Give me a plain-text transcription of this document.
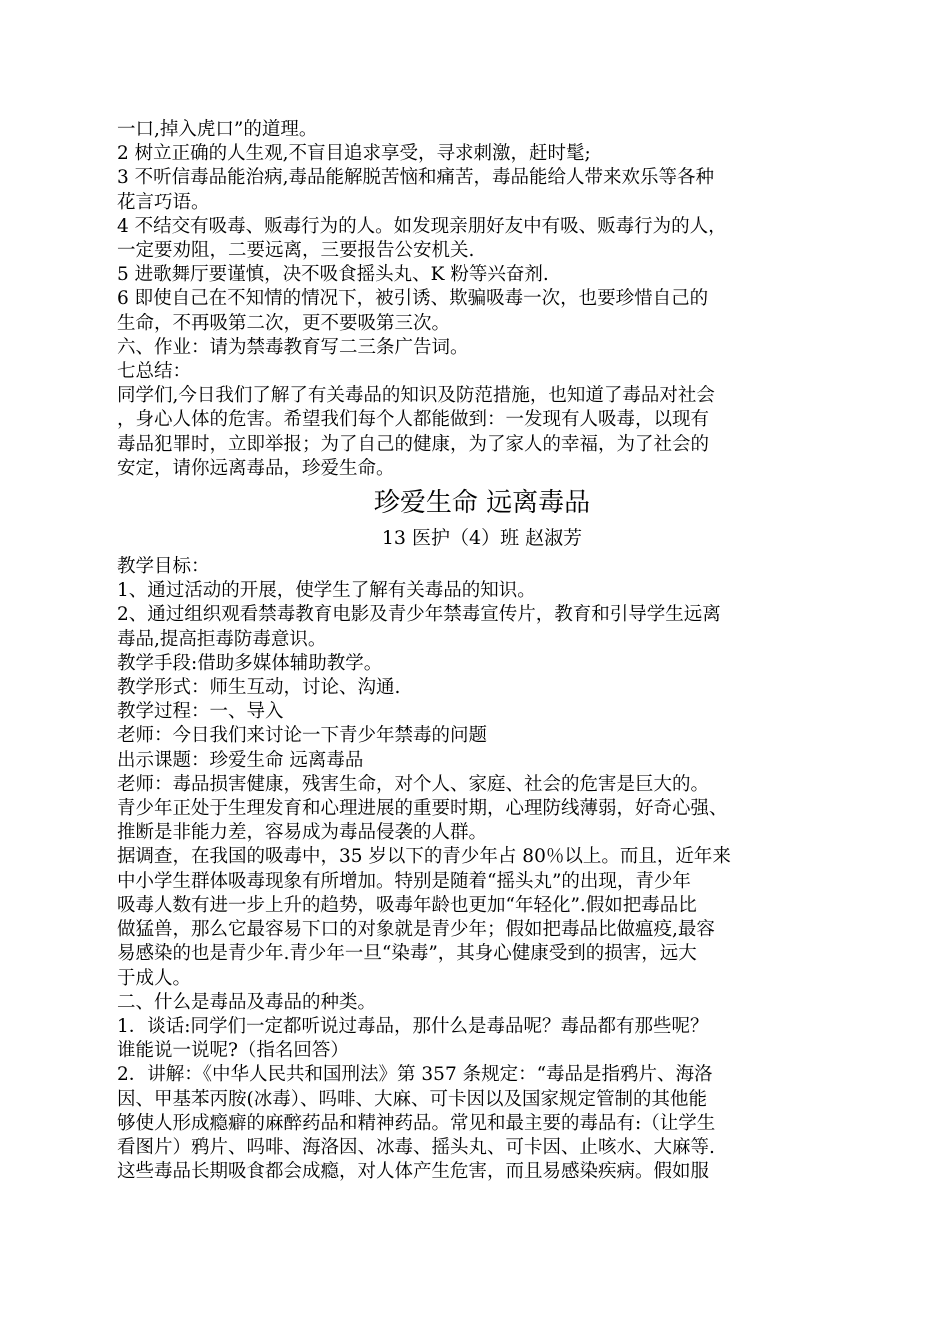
一口,掉入虎口”的道理。
2 树立正确的人生观,不盲目追求享受，寻求刺激，赶时髦;
3 不听信毒品能治病,毒品能解脱苦恼和痛苦，毒品能给人带来欢乐等各种
花言巧语。
4 不结交有吸毒、贩毒行为的人。如发现亲朋好友中有吸、贩毒行为的人，
一定要劝阻，二要远离，三要报告公安机关.
5 进歌舞厅要谨慎，决不吸食摇头丸、K 粉等兴奋剂.
6 即使自己在不知情的情况下，被引诱、欺骗吸毒一次，也要珍惜自己的
生命，不再吸第二次，更不要吸第三次。
六、作业：请为禁毒教育写二三条广告词。
七总结：
同学们,今日我们了解了有关毒品的知识及防范措施，也知道了毒品对社会
，身心人体的危害。希望我们每个人都能做到：一发现有人吸毒，以现有
毒品犯罪时，立即举报；为了自己的健康，为了家人的幸福，为了社会的
安定，请你远离毒品，珍爱生命。
珍爱生命 远离毒品
13 医护（4）班 赵淑芳
教学目标：
1、通过活动的开展，使学生了解有关毒品的知识。
2、通过组织观看禁毒教育电影及青少年禁毒宣传片，教育和引导学生远离
毒品,提高拒毒防毒意识。
教学手段:借助多媒体辅助教学。
教学形式：师生互动，讨论、沟通.
教学过程：一、导入
老师：今日我们来讨论一下青少年禁毒的问题
出示课题：珍爱生命 远离毒品
老师：毒品损害健康，残害生命，对个人、家庭、社会的危害是巨大的。
青少年正处于生理发育和心理进展的重要时期，心理防线薄弱，好奇心强、
推断是非能力差，容易成为毒品侵袭的人群。
据调查，在我国的吸毒中，35 岁以下的青少年占 80％以上。而且，近年来
中小学生群体吸毒现象有所增加。特别是随着“摇头丸”的出现，青少年
吸毒人数有进一步上升的趋势，吸毒年龄也更加“年轻化”.假如把毒品比
做猛兽，那么它最容易下口的对象就是青少年；假如把毒品比做瘟疫,最容
易感染的也是青少年.青少年一旦“染毒”，其身心健康受到的损害，远大
于成人。
二、什么是毒品及毒品的种类。
1．谈话:同学们一定都听说过毒品，那什么是毒品呢？毒品都有那些呢？
谁能说一说呢?（指名回答）
2．讲解：《中华人民共和国刑法》第 357 条规定：“毒品是指鸦片、海洛
因、甲基苯丙胺(冰毒）、吗啡、大麻、可卡因以及国家规定管制的其他能
够使人形成瘾癖的麻醉药品和精神药品。常见和最主要的毒品有:（让学生
看图片）鸦片、吗啡、海洛因、冰毒、摇头丸、可卡因、止咳水、大麻等.
这些毒品长期吸食都会成瘾，对人体产生危害，而且易感染疾病。假如服
